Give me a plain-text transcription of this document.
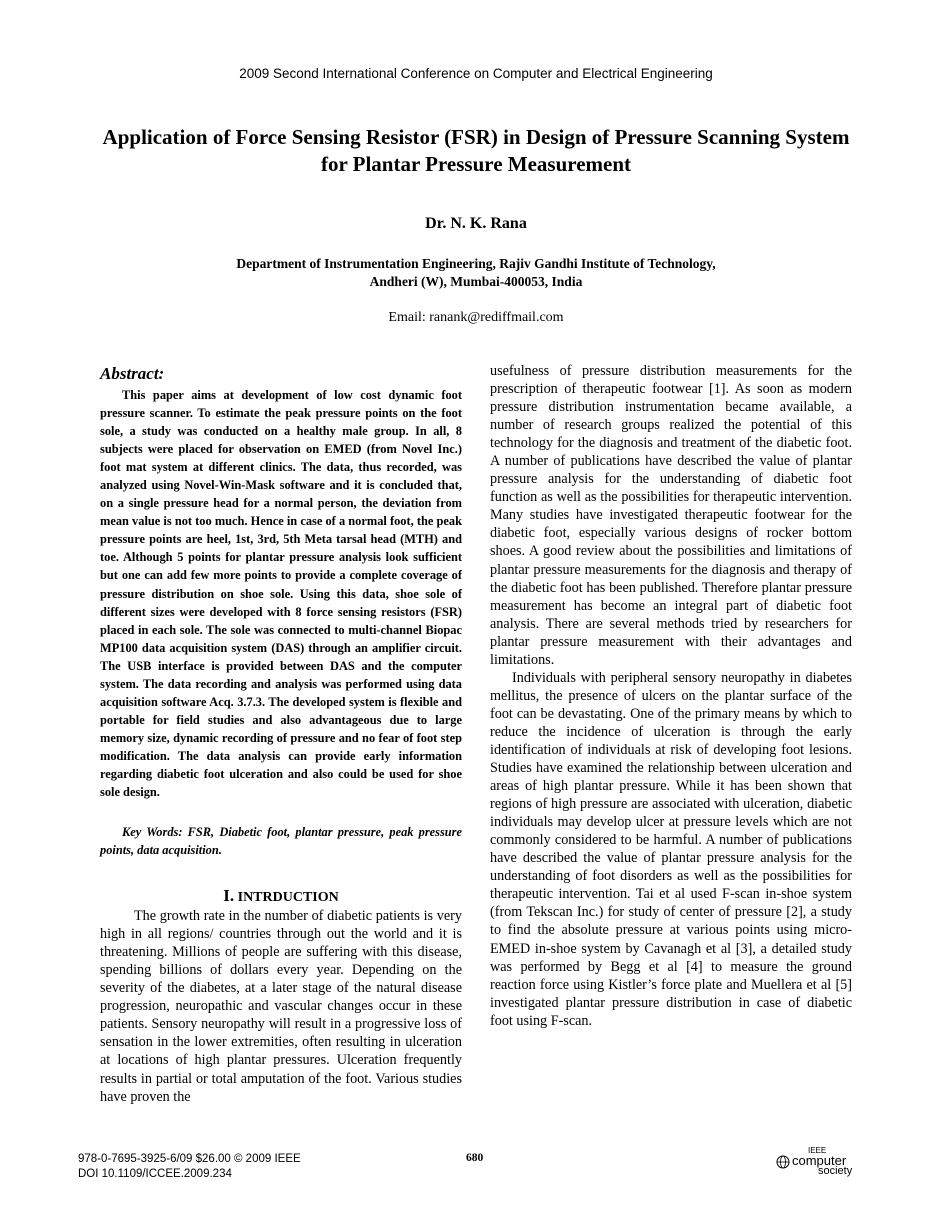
2009 Second International Conference on Computer and Electrical Engineering
Application of Force Sensing Resistor (FSR) in Design of Pressure Scanning System for Plantar Pressure Measurement
Dr. N. K. Rana
Department of Instrumentation Engineering, Rajiv Gandhi Institute of Technology,
Andheri (W), Mumbai-400053, India
Email: ranank@rediffmail.com
Abstract:

This paper aims at development of low cost dynamic foot pressure scanner. To estimate the peak pressure points on the foot sole, a study was conducted on a healthy male group. In all, 8 subjects were placed for observation on EMED (from Novel Inc.) foot mat system at different clinics. The data, thus recorded, was analyzed using Novel-Win-Mask software and it is concluded that, on a single pressure head for a normal person, the deviation from mean value is not too much. Hence in case of a normal foot, the peak pressure points are heel, 1st, 3rd, 5th Meta tarsal head (MTH) and toe. Although 5 points for plantar pressure analysis look sufficient but one can add few more points to provide a complete coverage of pressure distribution on shoe sole. Using this data, shoe sole of different sizes were developed with 8 force sensing resistors (FSR) placed in each sole. The sole was connected to multi-channel Biopac MP100 data acquisition system (DAS) through an amplifier circuit. The USB interface is provided between DAS and the computer system. The data recording and analysis was performed using data acquisition software Acq. 3.7.3. The developed system is flexible and portable for field studies and also advantageous due to large memory size, dynamic recording of pressure and no fear of foot step modification. The data analysis can provide early information regarding diabetic foot ulceration and also could be used for shoe sole design.

Key Words: FSR, Diabetic foot, plantar pressure, peak pressure points, data acquisition.

I. INTRDUCTION

The growth rate in the number of diabetic patients is very high in all regions/ countries through out the world and it is threatening. Millions of people are suffering with this disease, spending billions of dollars every year. Depending on the severity of the diabetes, at a later stage of the natural disease progression, neuropathic and vascular changes occur in these patients. Sensory neuropathy will result in a progressive loss of sensation in the lower extremities, often resulting in ulceration at locations of high plantar pressures. Ulceration frequently results in partial or total amputation of the foot. Various studies have proven the

usefulness of pressure distribution measurements for the prescription of therapeutic footwear [1]. As soon as modern pressure distribution instrumentation became available, a number of research groups realized the potential of this technology for the diagnosis and treatment of the diabetic foot. A number of publications have described the value of plantar pressure analysis for the understanding of diabetic foot function as well as the possibilities for therapeutic intervention. Many studies have investigated therapeutic footwear for the diabetic foot, especially various designs of rocker bottom shoes. A good review about the possibilities and limitations of plantar pressure measurements for the diagnosis and therapy of the diabetic foot has been published. Therefore plantar pressure measurement has become an integral part of diabetic foot analysis. There are several methods tried by researchers for plantar pressure measurement with their advantages and limitations.

Individuals with peripheral sensory neuropathy in diabetes mellitus, the presence of ulcers on the plantar surface of the foot can be devastating. One of the primary means by which to reduce the incidence of ulceration is through the early identification of individuals at risk of developing foot lesions. Studies have examined the relationship between ulceration and areas of high plantar pressure. While it has been shown that regions of high pressure are associated with ulceration, diabetic individuals may develop ulcer at pressure levels which are not commonly considered to be harmful. A number of publications have described the value of plantar pressure analysis for the understanding of foot disorders as well as the possibilities for therapeutic intervention. Tai et al used F-scan in-shoe system (from Tekscan Inc.) for study of center of pressure [2], a study to find the absolute pressure at various points using micro-EMED in-shoe system by Cavanagh et al [3], a detailed study was performed by Begg et al [4] to measure the ground reaction force using Kistler’s force plate and Muellera et al [5] investigated plantar pressure distribution in case of diabetic foot using F-scan.

978-0-7695-3925-6/09 $26.00 © 2009 IEEE
DOI 10.1109/ICCEE.2009.234
680
IEEE
computer
society
